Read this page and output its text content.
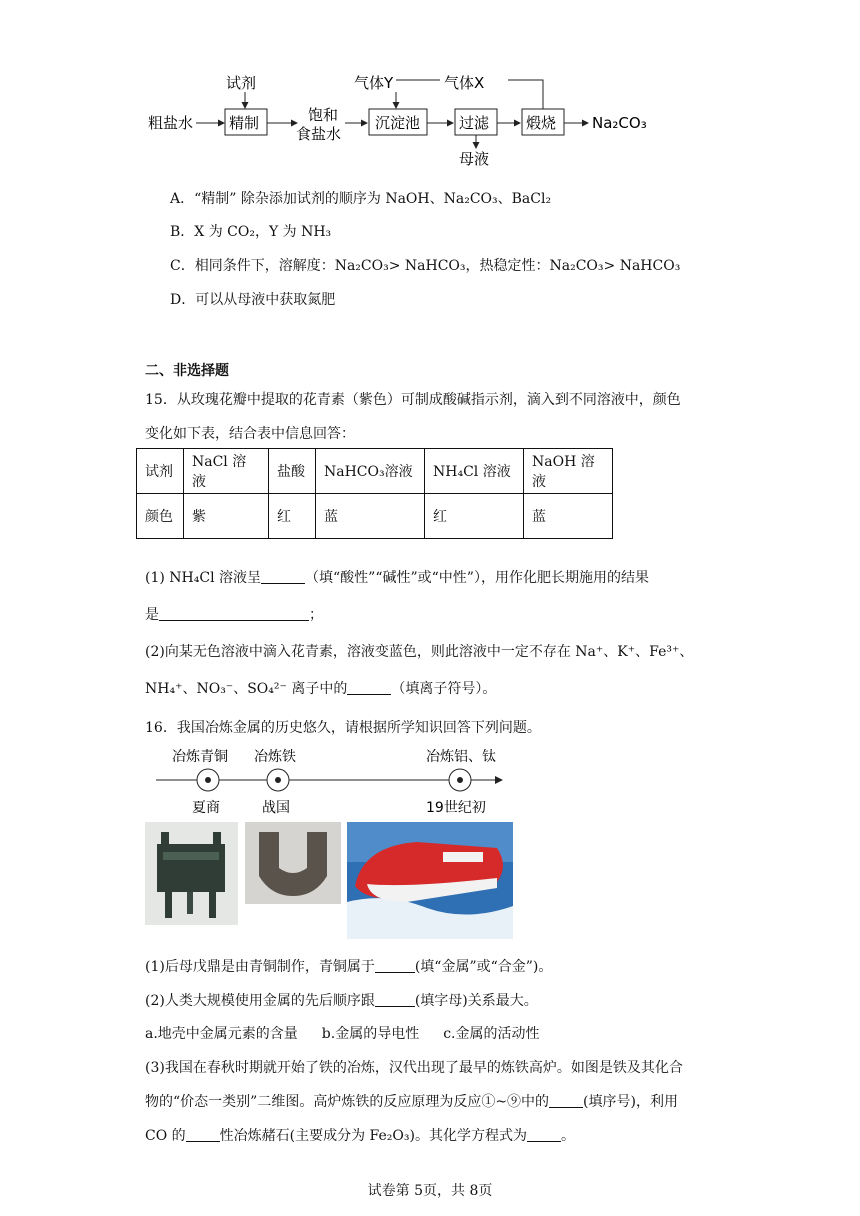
粗盐水
试剂
精制	饱和
食盐水
气体Y
沉淀池	过滤
母液
煅烧
气体X
Na₂CO₃
A．“精制” 除杂添加试剂的顺序为 NaOH、Na₂CO₃、BaCl₂
B．X 为 CO₂，Y 为 NH₃
C．相同条件下，溶解度：Na₂CO₃> NaHCO₃，热稳定性：Na₂CO₃> NaHCO₃
D．可以从母液中获取氮肥
二、非选择题
15．从玫瑰花瓣中提取的花青素（紫色）可制成酸碱指示剂，滴入到不同溶液中，颜色
变化如下表，结合表中信息回答：
试剂	NaCl 溶液	盐酸	NaHCO₃溶液	NH₄Cl 溶液	NaOH 溶液
颜色	紫	红	蓝	红	蓝
(1) NH₄Cl 溶液呈	（填“酸性”“碱性”或“中性”），用作化肥长期施用的结果
是	；
(2)向某无色溶液中滴入花青素，溶液变蓝色，则此溶液中一定不存在 Na⁺、K⁺、Fe³⁺、
NH₄⁺、NO₃⁻、SO₄²⁻ 离子中的	（填离子符号）。
16．我国冶炼金属的历史悠久，请根据所学知识回答下列问题。
冶炼青铜 冶炼铁	冶炼铝、钛
夏商	战国	19世纪初
(1)后母戊鼎是由青铜制作，青铜属于	(填“金属”或“合金”)。
(2)人类大规模使用金属的先后顺序跟	(填字母)关系最大。
a.地壳中金属元素的含量 b.金属的导电性 c.金属的活动性
(3)我国在春秋时期就开始了铁的冶炼，汉代出现了最早的炼铁高炉。如图是铁及其化合
物的“价态一类别”二维图。高炉炼铁的反应原理为反应①~⑨中的 (填序号)，利用
CO 的 性冶炼赭石(主要成分为 Fe₂O₃)。其化学方程式为 。
试卷第 5页，共 8页
